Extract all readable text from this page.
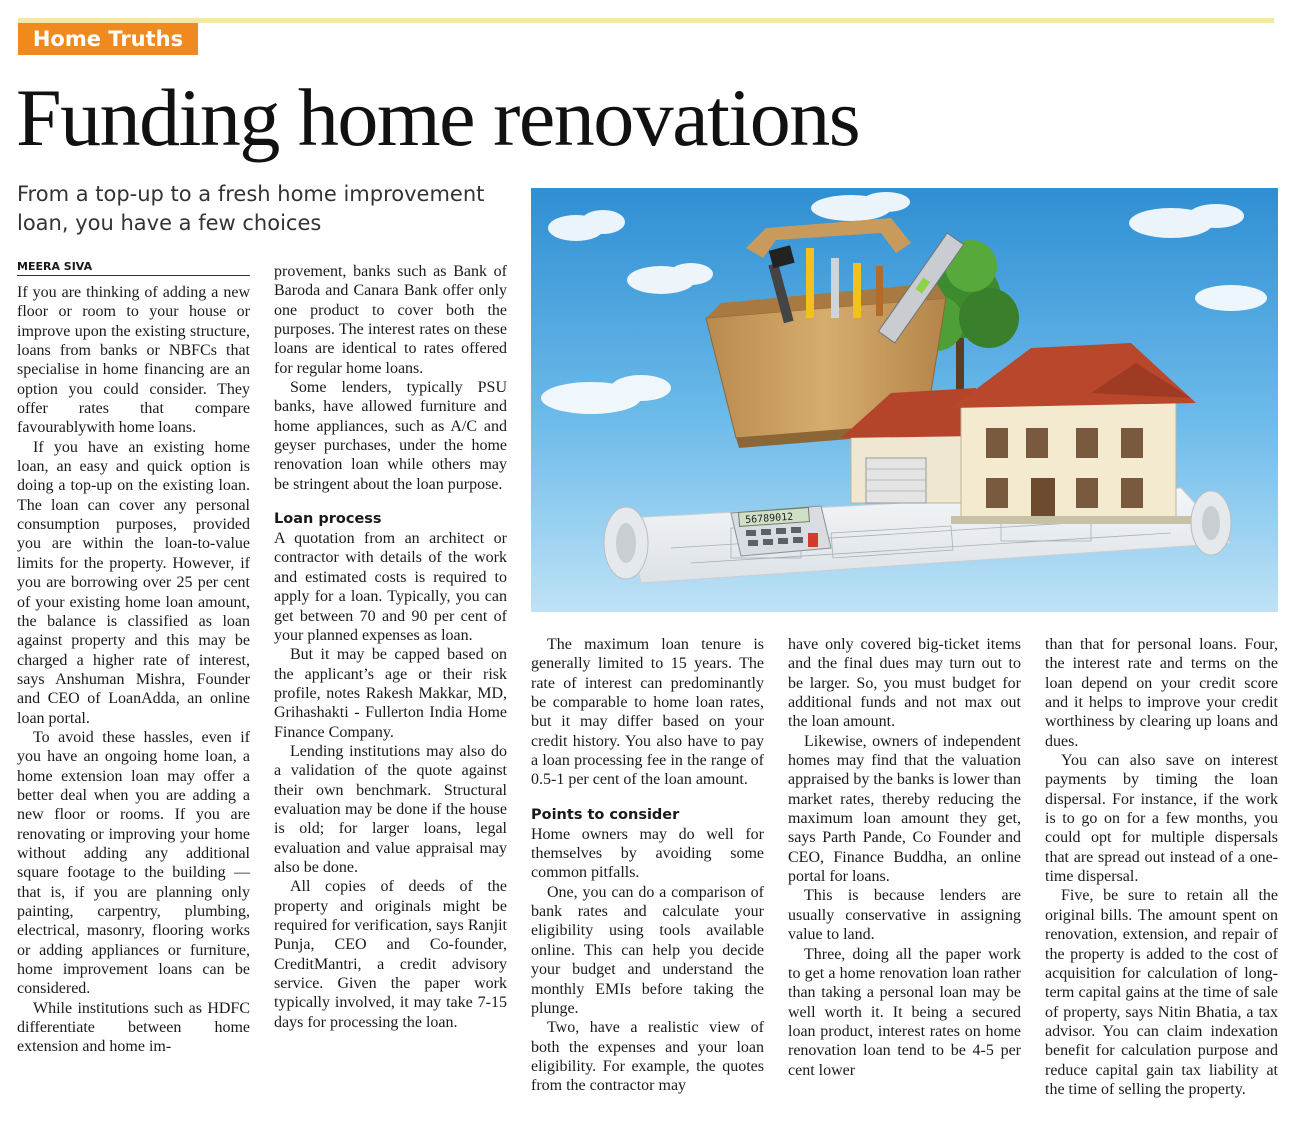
Home Truths
Funding home renovations

From a top-up to a fresh home improvement loan, you have a few choices

MEERA SIVA

If you are thinking of adding a new floor or room to your house or improve upon the existing structure, loans from banks or NBFCs that specialise in home financing are an option you could consider. They offer rates that compare favourablywith home loans.

If you have an existing home loan, an easy and quick option is doing a top-up on the existing loan. The loan can cover any personal consumption purposes, provided you are within the loan-to-value limits for the property. However, if you are borrowing over 25 per cent of your existing home loan amount, the balance is classified as loan against property and this may be charged a higher rate of interest, says Anshuman Mishra, Founder and CEO of LoanAdda, an online loan portal.

To avoid these hassles, even if you have an ongoing home loan, a home extension loan may offer a better deal when you are adding a new floor or rooms. If you are renovating or improving your home without adding any additional square footage to the building — that is, if you are planning only painting, carpentry, plumbing, electrical, masonry, flooring works or adding appliances or furniture, home improvement loans can be considered.

While institutions such as HDFC differentiate between home extension and home im-

provement, banks such as Bank of Baroda and Canara Bank offer only one product to cover both the purposes. The interest rates on these loans are identical to rates offered for regular home loans.

Some lenders, typically PSU banks, have allowed furniture and home appliances, such as A/C and geyser purchases, under the home renovation loan while others may be stringent about the loan purpose.

Loan process

A quotation from an architect or contractor with details of the work and estimated costs is required to apply for a loan. Typically, you can get between 70 and 90 per cent of your planned expenses as loan.

But it may be capped based on the applicant’s age or their risk profile, notes Rakesh Makkar, MD, Grihashakti - Fullerton India Home Finance Company.

Lending institutions may also do a validation of the quote against their own benchmark. Structural evaluation may be done if the house is old; for larger loans, legal evaluation and value appraisal may also be done.

All copies of deeds of the property and originals might be required for verification, says Ranjit Punja, CEO and Co-founder, CreditMantri, a credit advisory service. Given the paper work typically involved, it may take 7-15 days for processing the loan.

56789012

The maximum loan tenure is generally limited to 15 years. The rate of interest can predominantly be comparable to home loan rates, but it may differ based on your credit history. You also have to pay a loan processing fee in the range of 0.5-1 per cent of the loan amount.

Points to consider

Home owners may do well for themselves by avoiding some common pitfalls.

One, you can do a comparison of bank rates and calculate your eligibility using tools available online. This can help you decide your budget and understand the monthly EMIs before taking the plunge.

Two, have a realistic view of both the expenses and your loan eligibility. For example, the quotes from the contractor may

have only covered big-ticket items and the final dues may turn out to be larger. So, you must budget for additional funds and not max out the loan amount.

Likewise, owners of independent homes may find that the valuation appraised by the banks is lower than market rates, thereby reducing the maximum loan amount they get, says Parth Pande, Co Founder and CEO, Finance Buddha, an online portal for loans.

This is because lenders are usually conservative in assigning value to land.

Three, doing all the paper work to get a home renovation loan rather than taking a personal loan may be well worth it. It being a secured loan product, interest rates on home renovation loan tend to be 4-5 per cent lower

than that for personal loans. Four, the interest rate and terms on the loan depend on your credit score and it helps to improve your credit worthiness by clearing up loans and dues.

You can also save on interest payments by timing the loan dispersal. For instance, if the work is to go on for a few months, you could opt for multiple dispersals that are spread out instead of a one-time dispersal.

Five, be sure to retain all the original bills. The amount spent on renovation, extension, and repair of the property is added to the cost of acquisition for calculation of long-term capital gains at the time of sale of property, says Nitin Bhatia, a tax advisor. You can claim indexation benefit for calculation purpose and reduce capital gain tax liability at the time of selling the property.
